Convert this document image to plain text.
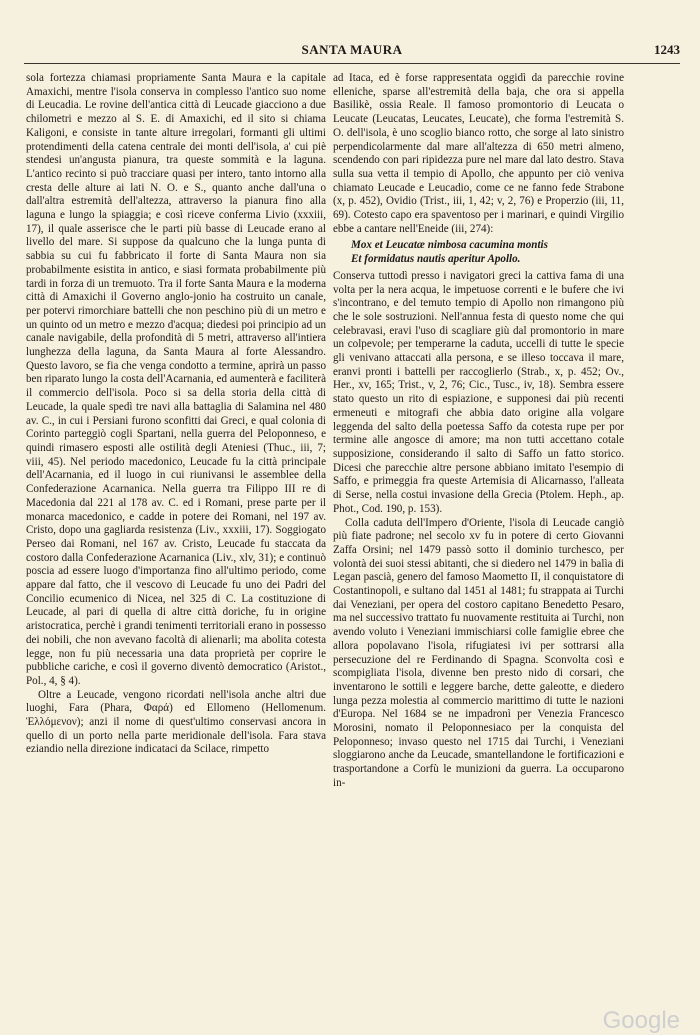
SANTA MAURA	1243

sola fortezza chiamasi propriamente Santa Maura e la capitale Amaxichi, mentre l'isola conserva in complesso l'antico suo nome di Leucadia. Le rovine dell'antica città di Leucade giacciono a due chilometri e mezzo al S. E. di Amaxichi, ed il sito si chiama Kaligoni, e consiste in tante alture irregolari, formanti gli ultimi protendimenti della catena centrale dei monti dell'isola, a' cui piè stendesi un'angusta pianura, tra queste sommità e la laguna. L'antico recinto si può tracciare quasi per intero, tanto intorno alla cresta delle alture ai lati N. O. e S., quanto anche dall'una o dall'altra estremità dell'altezza, attraverso la pianura fino alla laguna e lungo la spiaggia; e così riceve conferma Livio (xxxiii, 17), il quale asserisce che le parti più basse di Leucade erano al livello del mare. Si suppose da qualcuno che la lunga punta di sabbia su cui fu fabbricato il forte di Santa Maura non sia probabilmente esistita in antico, e siasi formata probabilmente più tardi in forza di un tremuoto. Tra il forte Santa Maura e la moderna città di Amaxichi il Governo anglo-jonio ha costruito un canale, per potervi rimorchiare battelli che non peschino più di un metro e un quinto od un metro e mezzo d'acqua; diedesi poi principio ad un canale navigabile, della profondità di 5 metri, attraverso all'intiera lunghezza della laguna, da Santa Maura al forte Alessandro. Questo lavoro, se fia che venga condotto a termine, aprirà un passo ben riparato lungo la costa dell'Acarnania, ed aumenterà e faciliterà il commercio dell'isola. Poco si sa della storia della città di Leucade, la quale spedì tre navi alla battaglia di Salamina nel 480 av. C., in cui i Persiani furono sconfitti dai Greci, e qual colonia di Corinto parteggiò cogli Spartani, nella guerra del Peloponneso, e quindi rimasero esposti alle ostilità degli Ateniesi (Thuc., iii, 7; viii, 45). Nel periodo macedonico, Leucade fu la città principale dell'Acarnania, ed il luogo in cui riunivansi le assemblee della Confederazione Acarnanica. Nella guerra tra Filippo III re di Macedonia dal 221 al 178 av. C. ed i Romani, prese parte per il monarca macedonico, e cadde in potere dei Romani, nel 197 av. Cristo, dopo una gagliarda resistenza (Liv., xxxiii, 17). Soggiogato Perseo dai Romani, nel 167 av. Cristo, Leucade fu staccata da costoro dalla Confederazione Acarnanica (Liv., xlv, 31); e continuò poscia ad essere luogo d'importanza fino all'ultimo periodo, come appare dal fatto, che il vescovo di Leucade fu uno dei Padri del Concilio ecumenico di Nicea, nel 325 di C. La costituzione di Leucade, al pari di quella di altre città doriche, fu in origine aristocratica, perchè i grandi tenimenti territoriali erano in possesso dei nobili, che non avevano facoltà di alienarli; ma abolita cotesta legge, non fu più necessaria una data proprietà per coprire le pubbliche cariche, e così il governo diventò democratico (Aristot., Pol., 4, § 4).

Oltre a Leucade, vengono ricordati nell'isola anche altri due luoghi, Fara (Phara, Φαρά) ed Ellomeno (Hellomenum. Ἑλλόμενον); anzi il nome di quest'ultimo conservasi ancora in quello di un porto nella parte meridionale dell'isola. Fara stava eziandio nella direzione indicataci da Scilace, rimpetto

ad Itaca, ed è forse rappresentata oggidì da parecchie rovine elleniche, sparse all'estremità della baja, che ora si appella Basilikè, ossia Reale. Il famoso promontorio di Leucata o Leucate (Leucatas, Leucates, Leucate), che forma l'estremità S. O. dell'isola, è uno scoglio bianco rotto, che sorge al lato sinistro perpendicolarmente dal mare all'altezza di 650 metri almeno, scendendo con pari ripidezza pure nel mare dal lato destro. Stava sulla sua vetta il tempio di Apollo, che appunto per ciò veniva chiamato Leucade e Leucadio, come ce ne fanno fede Strabone (x, p. 452), Ovidio (Trist., iii, 1, 42; v, 2, 76) e Properzio (iii, 11, 69). Cotesto capo era spaventoso per i marinari, e quindi Virgilio ebbe a cantare nell'Eneide (iii, 274):

Mox et Leucatæ nimbosa cacumina montis
Et formidatus nautis aperitur Apollo.

Conserva tuttodì presso i navigatori greci la cattiva fama di una volta per la nera acqua, le impetuose correnti e le bufere che ivi s'incontrano, e del temuto tempio di Apollo non rimangono più che le sole sostruzioni. Nell'annua festa di questo nome che qui celebravasi, eravi l'uso di scagliare giù dal promontorio in mare un colpevole; per temperarne la caduta, uccelli di tutte le specie gli venivano attaccati alla persona, e se illeso toccava il mare, eranvi pronti i battelli per raccoglierlo (Strab., x, p. 452; Ov., Her., xv, 165; Trist., v, 2, 76; Cic., Tusc., iv, 18). Sembra essere stato questo un rito di espiazione, e supponesi dai più recenti ermeneuti e mitografi che abbia dato origine alla volgare leggenda del salto della poetessa Saffo da cotesta rupe per por termine alle angosce di amore; ma non tutti accettano cotale supposizione, considerando il salto di Saffo un fatto storico. Dicesi che parecchie altre persone abbiano imitato l'esempio di Saffo, e primeggia fra queste Artemisia di Alicarnasso, l'alleata di Serse, nella costui invasione della Grecia (Ptolem. Heph., ap. Phot., Cod. 190, p. 153).

Colla caduta dell'Impero d'Oriente, l'isola di Leucade cangiò più fiate padrone; nel secolo xv fu in potere di certo Giovanni Zaffa Orsini; nel 1479 passò sotto il dominio turchesco, per volontà dei suoi stessi abitanti, che si diedero nel 1479 in balìa di Legan pascià, genero del famoso Maometto II, il conquistatore di Costantinopoli, e sultano dal 1451 al 1481; fu strappata ai Turchi dai Veneziani, per opera del costoro capitano Benedetto Pesaro, ma nel successivo trattato fu nuovamente restituita ai Turchi, non avendo voluto i Veneziani immischiarsi colle famiglie ebree che allora popolavano l'isola, rifugiatesi ivi per sottrarsi alla persecuzione del re Ferdinando di Spagna. Sconvolta così e scompigliata l'isola, divenne ben presto nido di corsari, che inventarono le sottili e leggere barche, dette galeotte, e diedero lunga pezza molestia al commercio marittimo di tutte le nazioni d'Europa. Nel 1684 se ne impadronì per Venezia Francesco Morosini, nomato il Peloponnesiaco per la conquista del Peloponneso; invaso questo nel 1715 dai Turchi, i Veneziani sloggiarono anche da Leucade, smantellandone le fortificazioni e trasportandone a Corfù le munizioni da guerra. La occuparono in-

Google
